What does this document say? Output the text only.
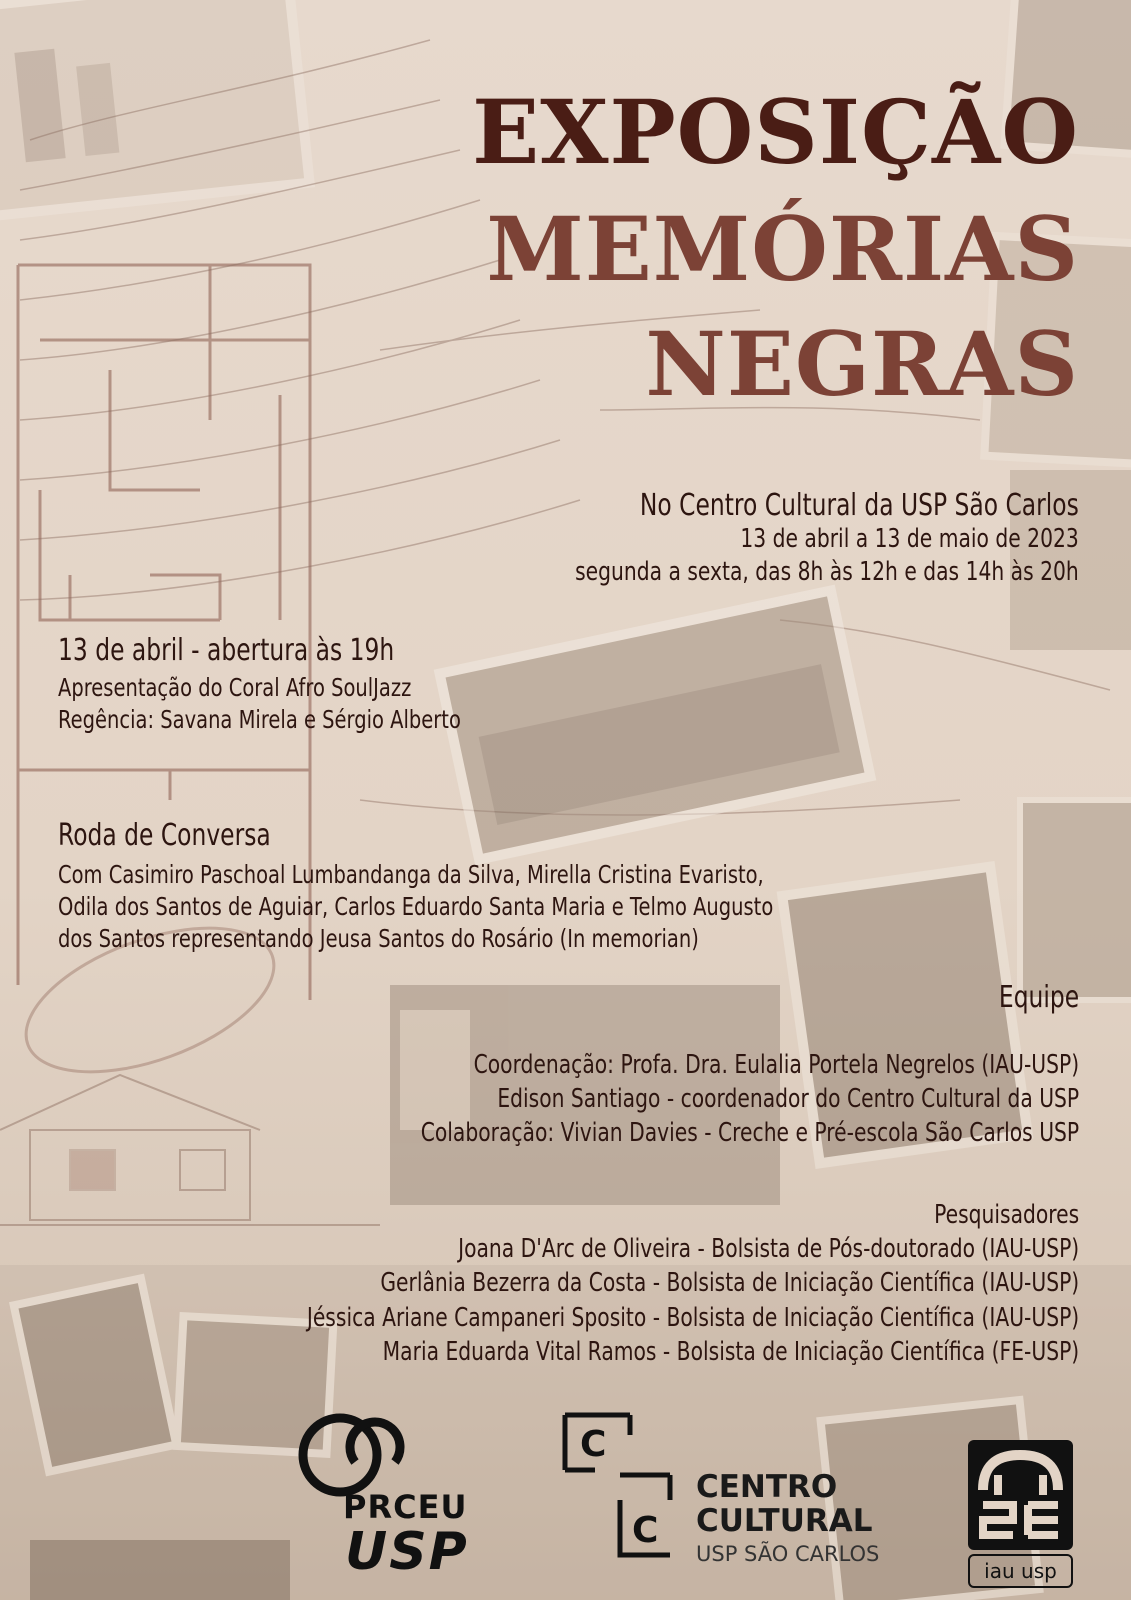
EXPOSIÇÃO
MEMÓRIAS
NEGRAS
No Centro Cultural da USP São Carlos
13 de abril a 13 de maio de 2023
segunda a sexta, das 8h às 12h e das 14h às 20h
13 de abril - abertura às 19h
Apresentação do Coral Afro SoulJazz
Regência: Savana Mirela e Sérgio Alberto
Roda de Conversa
Com Casimiro Paschoal Lumbandanga da Silva, Mirella Cristina Evaristo,
Odila dos Santos de Aguiar, Carlos Eduardo Santa Maria e Telmo Augusto
dos Santos representando Jeusa Santos do Rosário (In memorian)
Equipe
Coordenação: Profa. Dra. Eulalia Portela Negrelos (IAU-USP)
Edison Santiago - coordenador do Centro Cultural da USP
Colaboração: Vivian Davies - Creche e Pré-escola São Carlos USP
Pesquisadores
Joana D'Arc de Oliveira - Bolsista de Pós-doutorado (IAU-USP)
Gerlânia Bezerra da Costa - Bolsista de Iniciação Científica (IAU-USP)
Jéssica Ariane Campaneri Sposito - Bolsista de Iniciação Científica (IAU-USP)
Maria Eduarda Vital Ramos - Bolsista de Iniciação Científica (FE-USP)
PRCEU
USP
C
C
CENTRO
CULTURAL
USP SÃO CARLOS
iau usp
